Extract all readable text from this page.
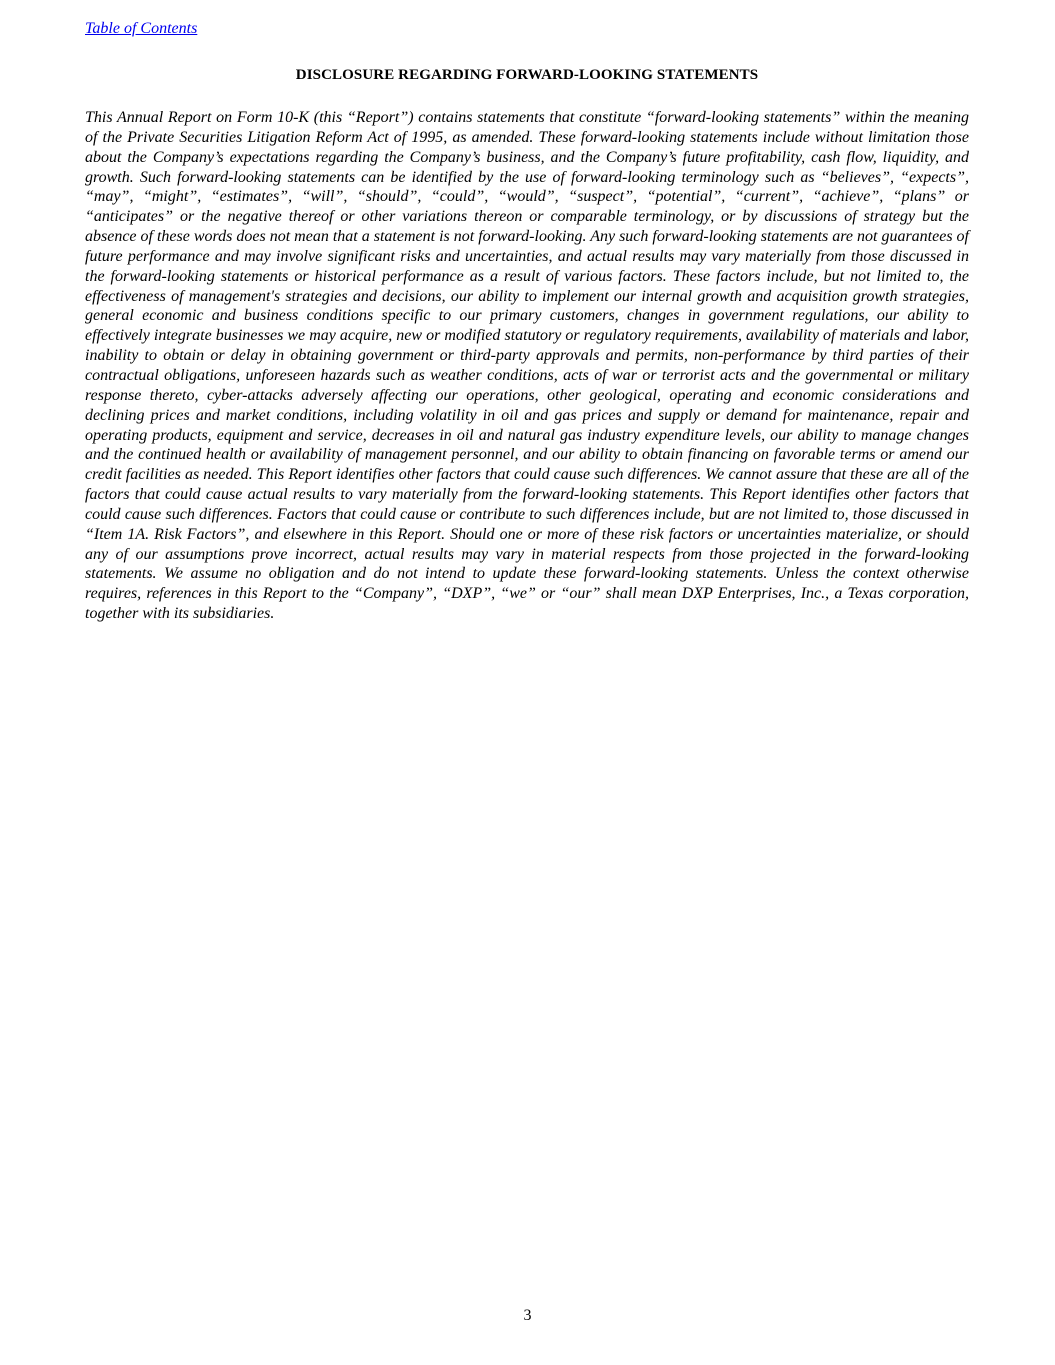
Table of Contents
DISCLOSURE REGARDING FORWARD-LOOKING STATEMENTS

This Annual Report on Form 10-K (this “Report”) contains statements that constitute “forward-looking statements” within the meaning of the Private Securities Litigation Reform Act of 1995, as amended. These forward-looking statements include without limitation those about the Company’s expectations regarding the Company’s business, and the Company’s future profitability, cash flow, liquidity, and growth. Such forward-looking statements can be identified by the use of forward-looking terminology such as “believes”, “expects”, “may”, “might”, “estimates”, “will”, “should”, “could”, “would”, “suspect”, “potential”, “current”, “achieve”, “plans” or “anticipates” or the negative thereof or other variations thereon or comparable terminology, or by discussions of strategy but the absence of these words does not mean that a statement is not forward-looking. Any such forward-looking statements are not guarantees of future performance and may involve significant risks and uncertainties, and actual results may vary materially from those discussed in the forward-looking statements or historical performance as a result of various factors. These factors include, but not limited to, the effectiveness of management's strategies and decisions, our ability to implement our internal growth and acquisition growth strategies, general economic and business conditions specific to our primary customers, changes in government regulations, our ability to effectively integrate businesses we may acquire, new or modified statutory or regulatory requirements, availability of materials and labor, inability to obtain or delay in obtaining government or third-party approvals and permits, non-performance by third parties of their contractual obligations, unforeseen hazards such as weather conditions, acts of war or terrorist acts and the governmental or military response thereto, cyber-attacks adversely affecting our operations, other geological, operating and economic considerations and declining prices and market conditions, including volatility in oil and gas prices and supply or demand for maintenance, repair and operating products, equipment and service, decreases in oil and natural gas industry expenditure levels, our ability to manage changes and the continued health or availability of management personnel, and our ability to obtain financing on favorable terms or amend our credit facilities as needed. This Report identifies other factors that could cause such differences. We cannot assure that these are all of the factors that could cause actual results to vary materially from the forward-looking statements. This Report identifies other factors that could cause such differences. Factors that could cause or contribute to such differences include, but are not limited to, those discussed in “Item 1A. Risk Factors”, and elsewhere in this Report. Should one or more of these risk factors or uncertainties materialize, or should any of our assumptions prove incorrect, actual results may vary in material respects from those projected in the forward-looking statements. We assume no obligation and do not intend to update these forward-looking statements. Unless the context otherwise requires, references in this Report to the “Company”, “DXP”, “we” or “our” shall mean DXP Enterprises, Inc., a Texas corporation, together with its subsidiaries.

3
